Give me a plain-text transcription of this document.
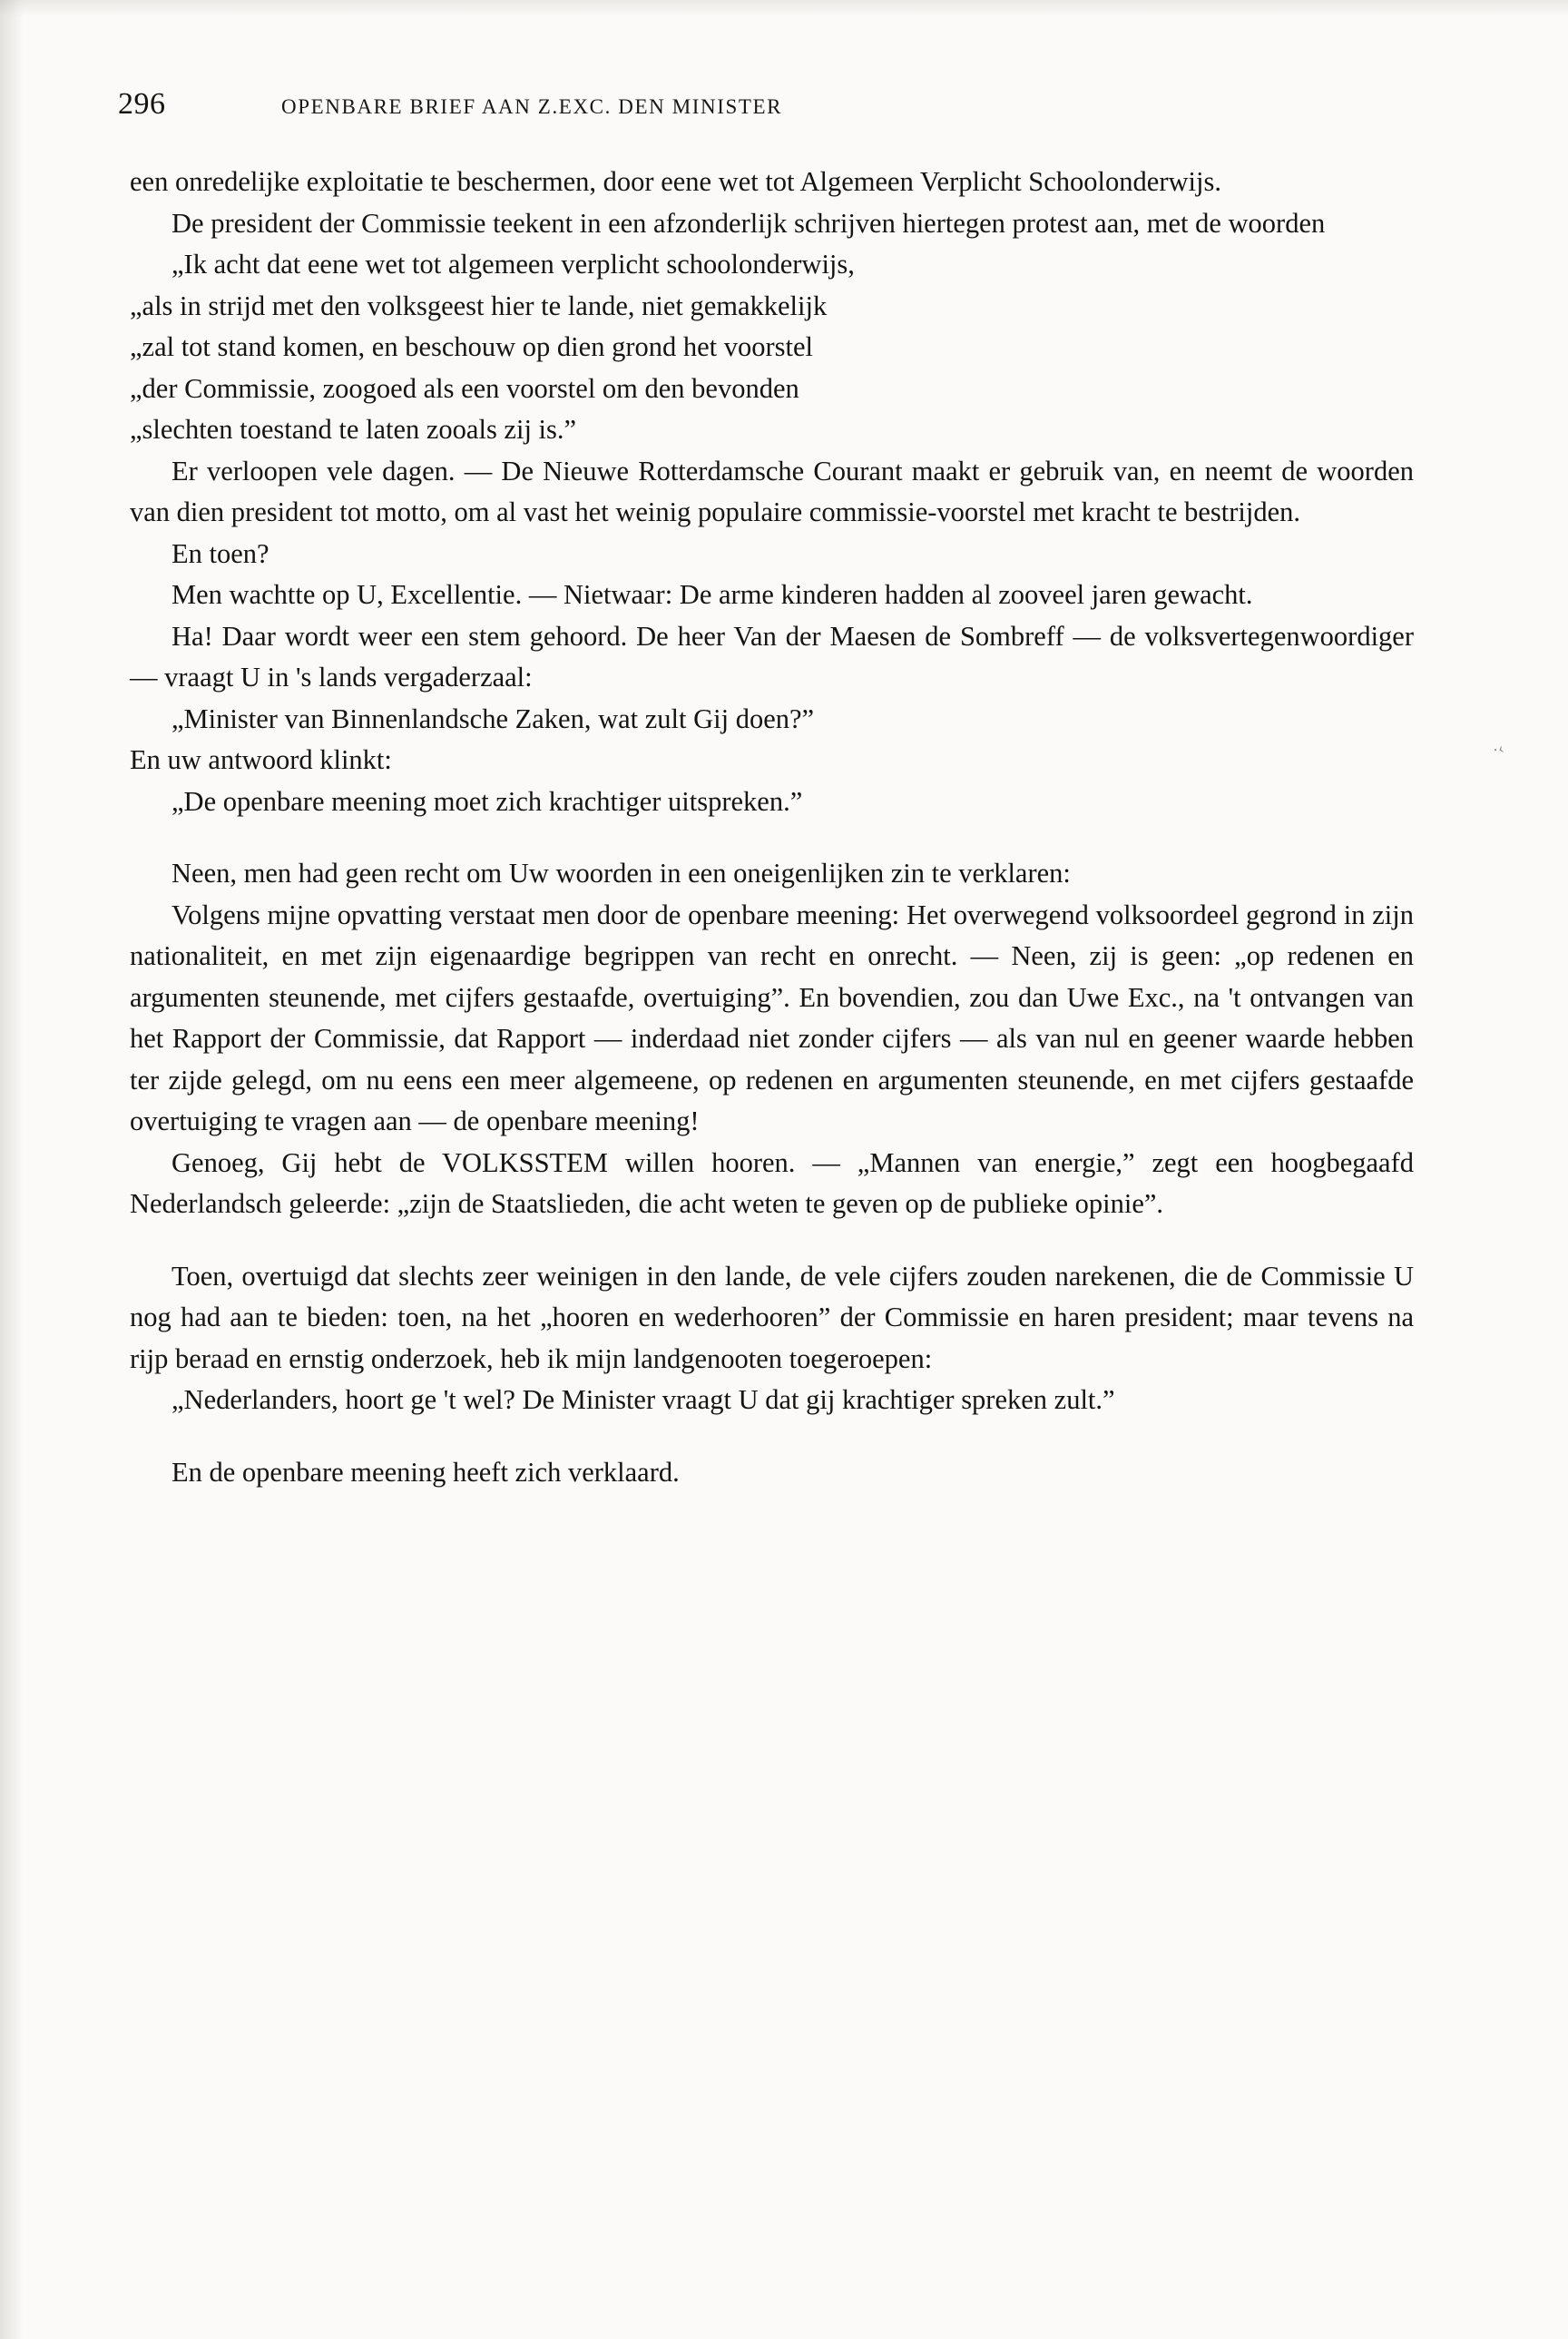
296	OPENBARE BRIEF AAN Z.EXC. DEN MINISTER

een onredelijke exploitatie te beschermen, door eene wet tot Algemeen Verplicht Schoolonderwijs.

De president der Commissie teekent in een afzonderlijk schrijven hiertegen protest aan, met de woorden

„Ik acht dat eene wet tot algemeen verplicht schoolonderwijs,

„als in strijd met den volksgeest hier te lande, niet gemakkelijk

„zal tot stand komen, en beschouw op dien grond het voorstel

„der Commissie, zoogoed als een voorstel om den bevonden

„slechten toestand te laten zooals zij is.”

Er verloopen vele dagen. — De Nieuwe Rotterdamsche Courant maakt er gebruik van, en neemt de woorden van dien president tot motto, om al vast het weinig populaire commissie-voorstel met kracht te bestrijden.

En toen?

Men wachtte op U, Excellentie. — Nietwaar: De arme kinderen hadden al zooveel jaren gewacht.

Ha! Daar wordt weer een stem gehoord. De heer Van der Maesen de Sombreff — de volksvertegenwoordiger — vraagt U in 's lands vergaderzaal:

„Minister van Binnenlandsche Zaken, wat zult Gij doen?”

En uw antwoord klinkt:

„De openbare meening moet zich krachtiger uitspreken.”

Neen, men had geen recht om Uw woorden in een oneigenlijken zin te verklaren:

Volgens mijne opvatting verstaat men door de openbare meening: Het overwegend volksoordeel gegrond in zijn nationaliteit, en met zijn eigenaardige begrippen van recht en onrecht. — Neen, zij is geen: „op redenen en argumenten steunende, met cijfers gestaafde, overtuiging”. En bovendien, zou dan Uwe Exc., na 't ontvangen van het Rapport der Commissie, dat Rapport — inderdaad niet zonder cijfers — als van nul en geener waarde hebben ter zijde gelegd, om nu eens een meer algemeene, op redenen en argumenten steunende, en met cijfers gestaafde overtuiging te vragen aan — de openbare meening!

Genoeg, Gij hebt de VOLKSSTEM willen hooren. — „Mannen van energie,” zegt een hoogbegaafd Nederlandsch geleerde: „zijn de Staatslieden, die acht weten te geven op de publieke opinie”.

Toen, overtuigd dat slechts zeer weinigen in den lande, de vele cijfers zouden narekenen, die de Commissie U nog had aan te bieden: toen, na het „hooren en wederhooren” der Commissie en haren president; maar tevens na rijp beraad en ernstig onderzoek, heb ik mijn landgenooten toegeroepen:

„Nederlanders, hoort ge 't wel? De Minister vraagt U dat gij krachtiger spreken zult.”

En de openbare meening heeft zich verklaard.

·‹
